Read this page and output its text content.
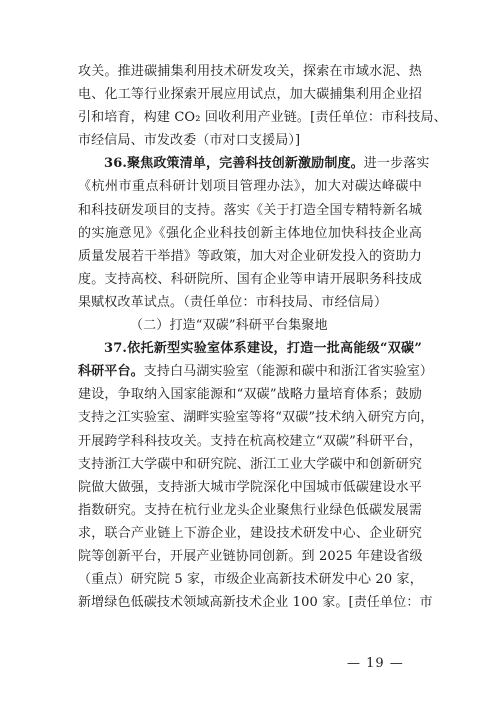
攻关。推进碳捕集利用技术研发攻关，探索在市域水泥、热
电、化工等行业探索开展应用试点，加大碳捕集利用企业招
引和培育，构建 CO₂ 回收利用产业链。[责任单位：市科技局、
市经信局、市发改委（市对口支援局）]
36.聚焦政策清单，完善科技创新激励制度。进一步落实
《杭州市重点科研计划项目管理办法》，加大对碳达峰碳中
和科技研发项目的支持。落实《关于打造全国专精特新名城
的实施意见》《强化企业科技创新主体地位加快科技企业高
质量发展若干举措》等政策，加大对企业研发投入的资助力
度。支持高校、科研院所、国有企业等申请开展职务科技成
果赋权改革试点。（责任单位：市科技局、市经信局）
（二）打造“双碳”科研平台集聚地
37.依托新型实验室体系建设，打造一批高能级“双碳”
科研平台。支持白马湖实验室（能源和碳中和浙江省实验室）
建设，争取纳入国家能源和“双碳”战略力量培育体系；鼓励
支持之江实验室、湖畔实验室等将“双碳”技术纳入研究方向，
开展跨学科科技攻关。支持在杭高校建立“双碳”科研平台，
支持浙江大学碳中和研究院、浙江工业大学碳中和创新研究
院做大做强，支持浙大城市学院深化中国城市低碳建设水平
指数研究。支持在杭行业龙头企业聚焦行业绿色低碳发展需
求，联合产业链上下游企业，建设技术研发中心、企业研究
院等创新平台，开展产业链协同创新。到 2025 年建设省级
（重点）研究院 5 家，市级企业高新技术研发中心 20 家，
新增绿色低碳技术领域高新技术企业 100 家。[责任单位：市
— 19 —
